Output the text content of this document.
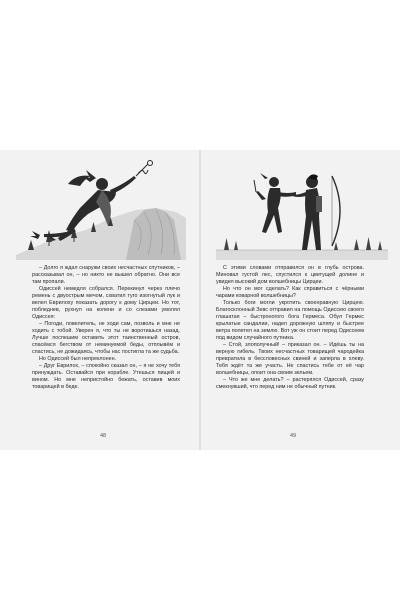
– Долго я ждал снаружи своих несчастных спутников, – рассказывал он, – но никто не вышел обратно. Они все там пропали.

Одиссей немедля собрался. Перекинул через плечо ремень с двуострым мечом, схватил туго изогнутый лук и велел Еврилоху показать дорогу к дому Цирцеи. Но тот, побледнев, рухнул на колени и со слезами умолял Одиссея:

– Погоди, повелитель, не ходи сам, позволь и мне не ходить с тобой. Уверен я, что ты не воротишься назад. Лучше поспешим оставить этот таинственный остров, спасёмся бегством от неминуемой беды, отплывём и спастись, не дожидаясь, чтобы нас постигла та же судьба.

Но Одиссей был непреклонен.

– Друг Еврилох, – спокойно сказал он, – я не хочу тебя принуждать. Оставайся при корабле. Утешься пищей и вином. Но мне непристойно бежать, оставив моих товарищей в беде.

48

С этими словами отправился он в глубь острова. Миновал густой лес, спустился к цветущей долине и увидел высокий дом волшебницы Цирцеи.

Но что он мог сделать? Как справиться с чёрными чарами коварной волшебницы?

Только боги могли укротить своенравную Цирцею. Благосклонный Зевс отправил на помощь Одиссею своего глашатая – быстроногого бога Гермеса. Обул Гермес крылатые сандалии, надел дорожную шляпу и быстрее ветра полетел на землю. Вот уж он стоит перед Одиссеем под видом случайного путника.

– Стой, злополучный! – приказал он. – Идёшь ты на верную гибель. Твоих несчастных товарищей чародейка превратила в бессловесных свиней и заперла в хлеву. Тебя ждёт та же участь. Не спастись тебе от её чар волшебницы, опоит она своим зельем.

– Что же мне делать? – растерялся Одиссей, сразу смекнувший, что перед ним не обычный путник.

49
